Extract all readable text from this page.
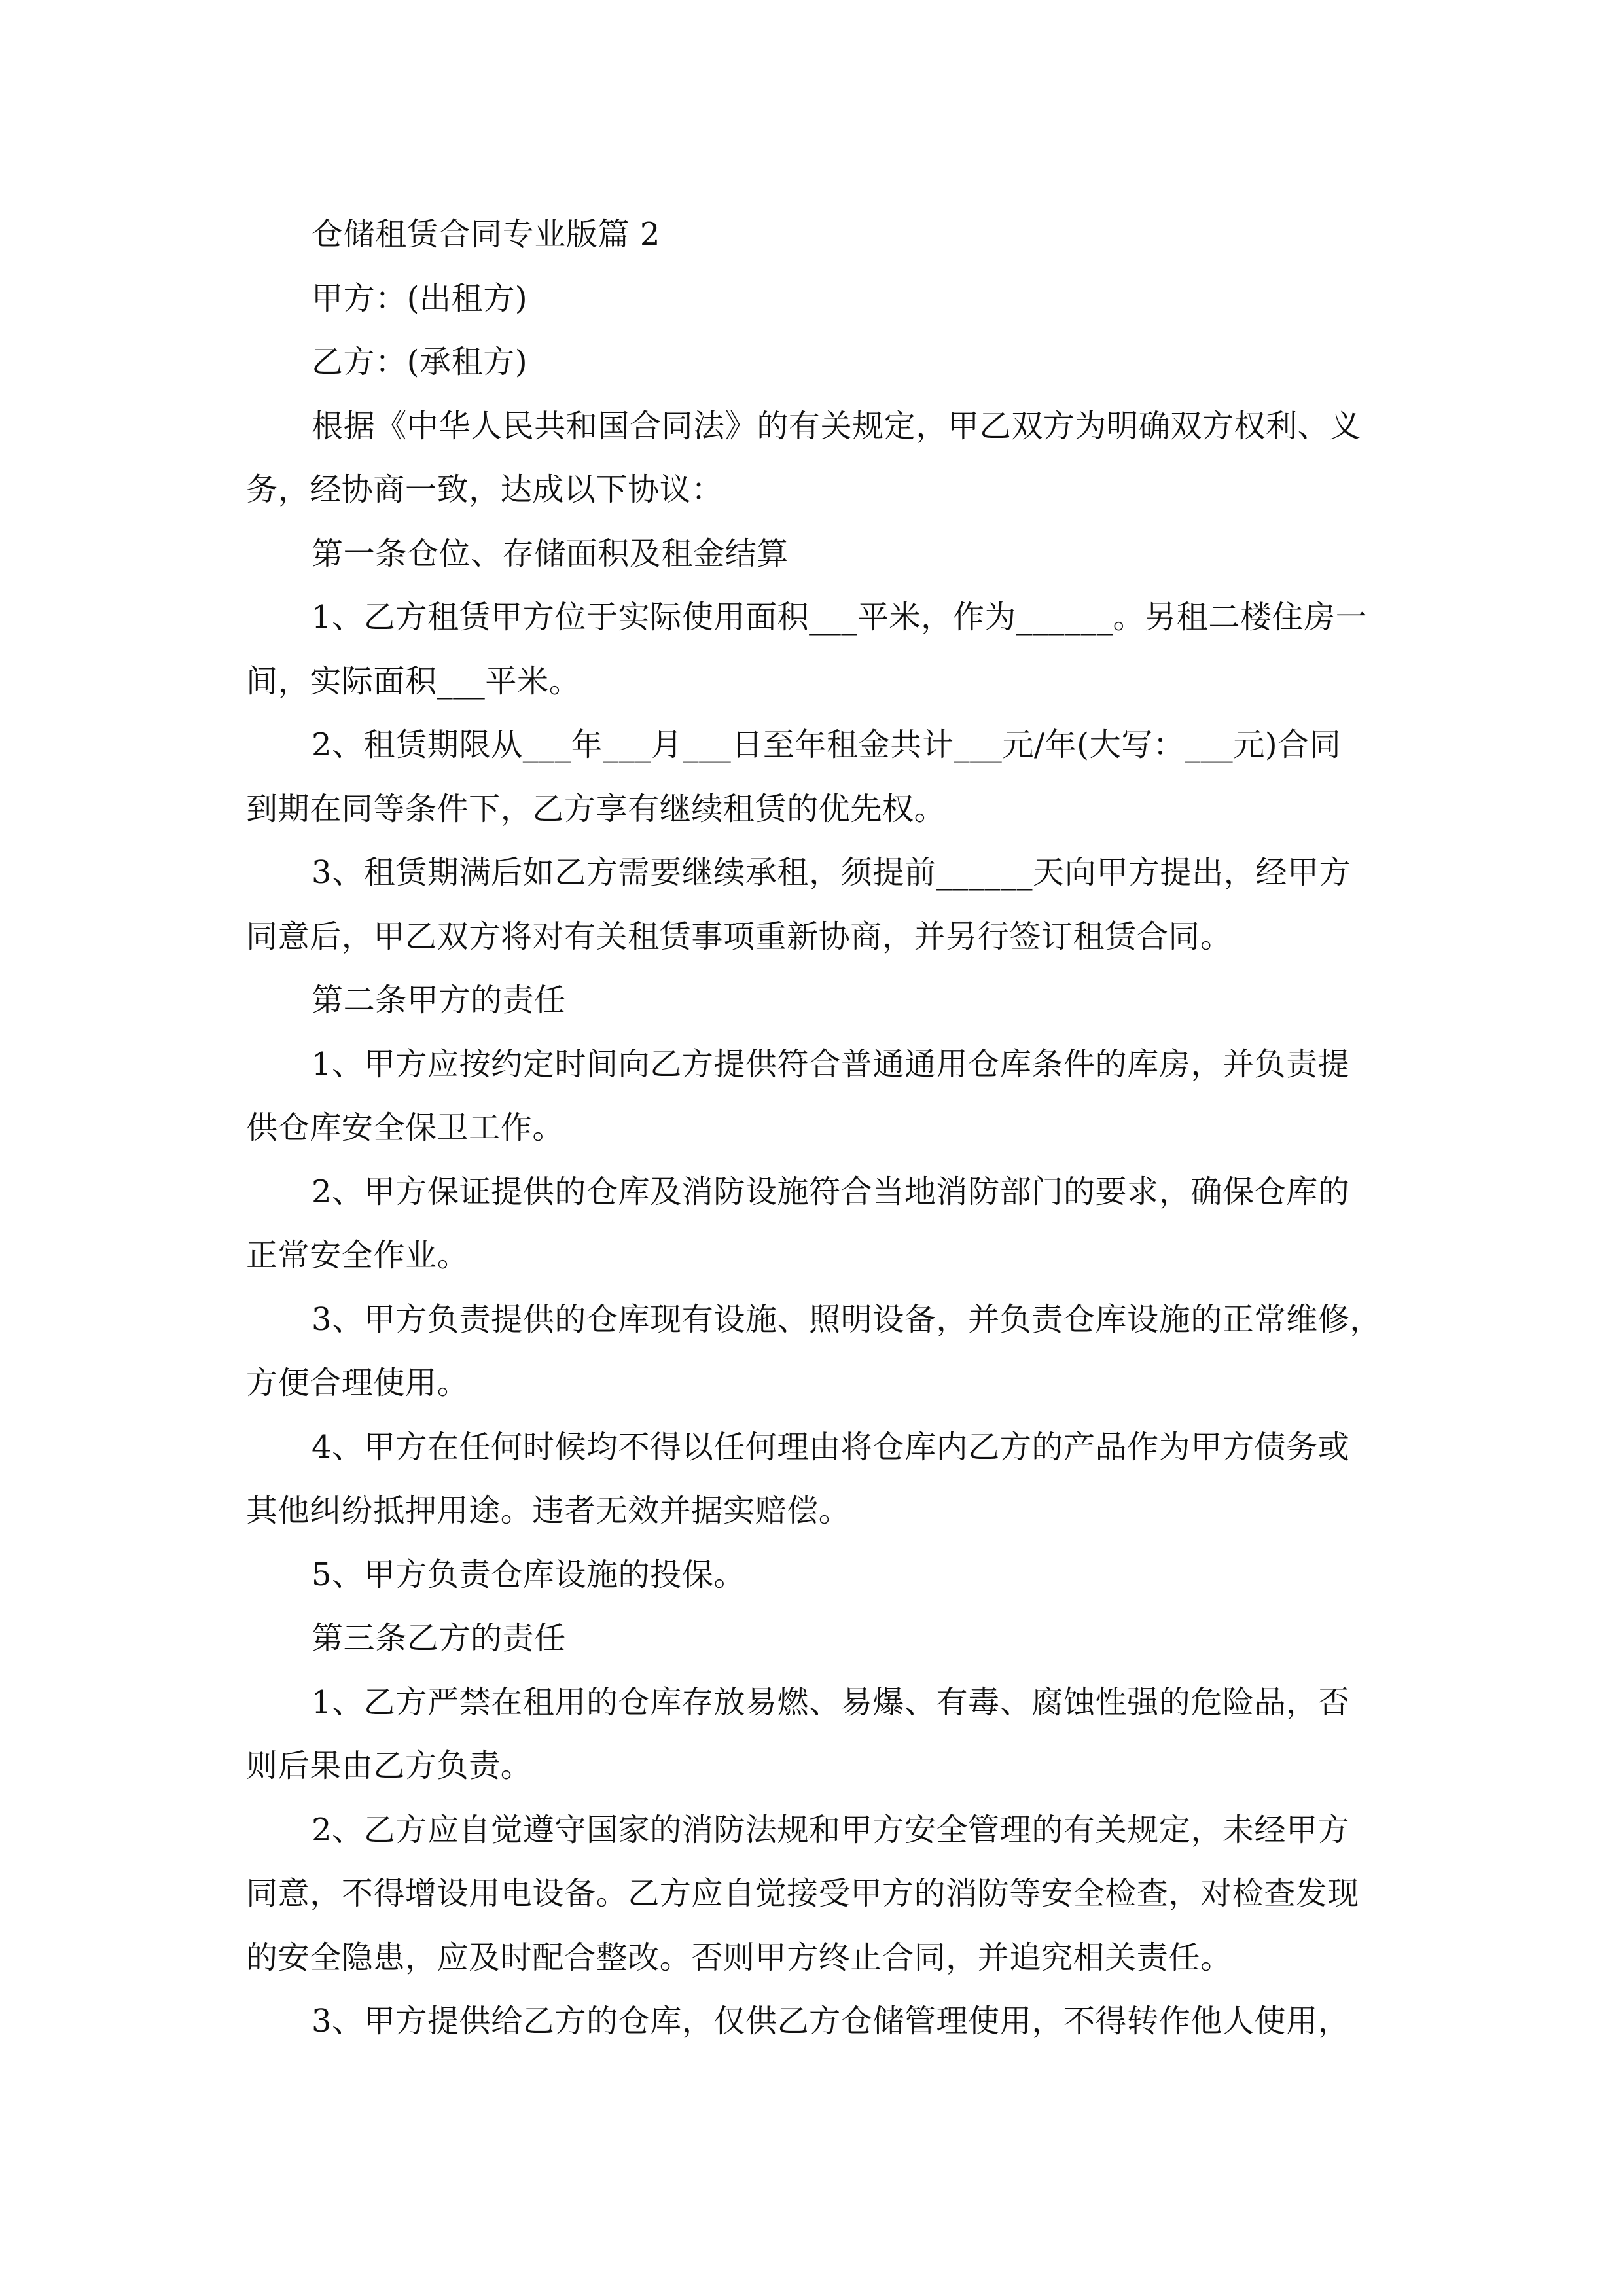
仓储租赁合同专业版篇 2

甲方：(出租方)

乙方：(承租方)

根据《中华人民共和国合同法》的有关规定，甲乙双方为明确双方权利、义

务，经协商一致，达成以下协议：

第一条仓位、存储面积及租金结算

1、乙方租赁甲方位于实际使用面积___平米，作为______。另租二楼住房一

间，实际面积___平米。

2、租赁期限从___年___月___日至年租金共计___元/年(大写：___元)合同

到期在同等条件下，乙方享有继续租赁的优先权。

3、租赁期满后如乙方需要继续承租，须提前______天向甲方提出，经甲方

同意后，甲乙双方将对有关租赁事项重新协商，并另行签订租赁合同。

第二条甲方的责任

1、甲方应按约定时间向乙方提供符合普通通用仓库条件的库房，并负责提

供仓库安全保卫工作。

2、甲方保证提供的仓库及消防设施符合当地消防部门的要求，确保仓库的

正常安全作业。

3、甲方负责提供的仓库现有设施、照明设备，并负责仓库设施的正常维修，

方便合理使用。

4、甲方在任何时候均不得以任何理由将仓库内乙方的产品作为甲方债务或

其他纠纷抵押用途。违者无效并据实赔偿。

5、甲方负责仓库设施的投保。

第三条乙方的责任

1、乙方严禁在租用的仓库存放易燃、易爆、有毒、腐蚀性强的危险品，否

则后果由乙方负责。

2、乙方应自觉遵守国家的消防法规和甲方安全管理的有关规定，未经甲方

同意，不得增设用电设备。乙方应自觉接受甲方的消防等安全检查，对检查发现

的安全隐患，应及时配合整改。否则甲方终止合同，并追究相关责任。

3、甲方提供给乙方的仓库，仅供乙方仓储管理使用，不得转作他人使用，
